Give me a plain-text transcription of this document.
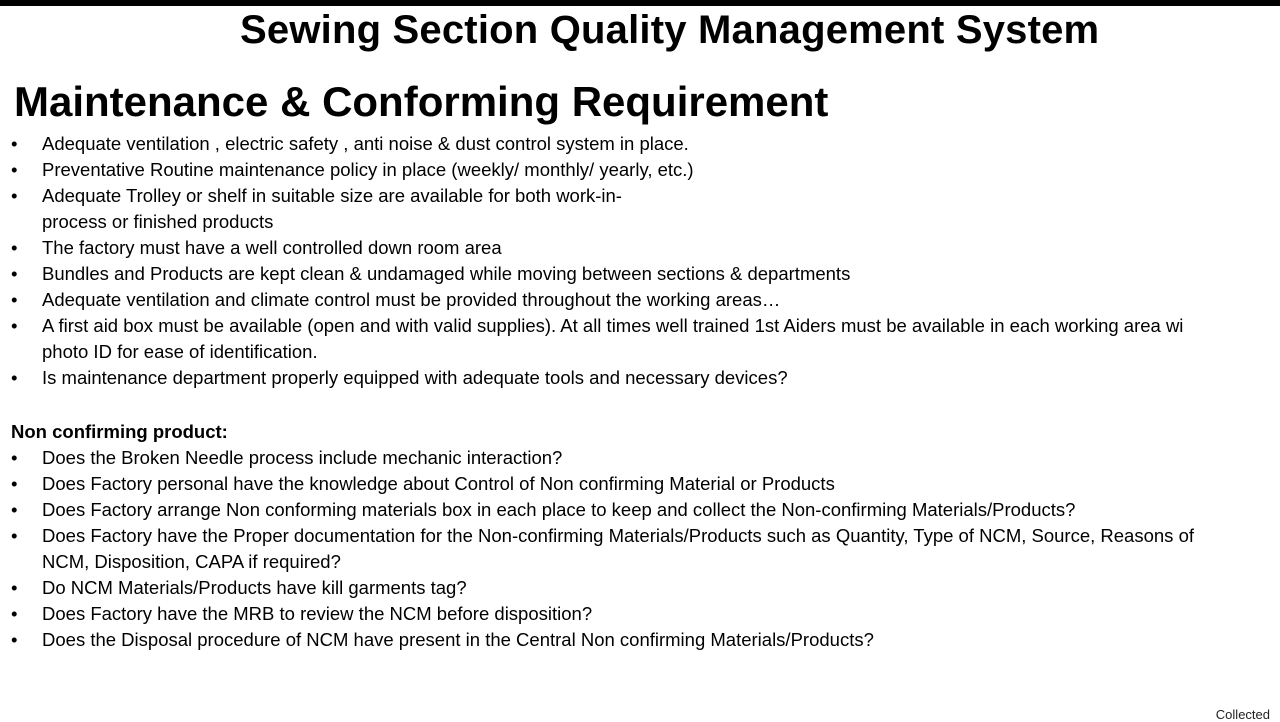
Sewing Section Quality Management System
Maintenance & Conforming Requirement
• Adequate ventilation , electric safety , anti noise & dust control system in place.
• Preventative Routine maintenance policy in place (weekly/ monthly/ yearly, etc.)
• Adequate Trolley or shelf in suitable size are available for both work-in-
process or finished products
• The factory must have a well controlled down room area
• Bundles and Products are kept clean & undamaged while moving between sections & departments
• Adequate ventilation and climate control must be provided throughout the working areas…
• A first aid box must be available (open and with valid supplies). At all times well trained 1st Aiders must be available in each working area wi
photo ID for ease of identification.
• Is maintenance department properly equipped with adequate tools and necessary devices?
Non confirming product:
• Does the Broken Needle process include mechanic interaction?
• Does Factory personal have the knowledge about Control of Non confirming Material or Products
• Does Factory arrange Non conforming materials box in each place to keep and collect the Non-confirming Materials/Products?
• Does Factory have the Proper documentation for the Non-confirming Materials/Products such as Quantity, Type of NCM, Source, Reasons of
NCM, Disposition, CAPA if required?
• Do NCM Materials/Products have kill garments tag?
• Does Factory have the MRB to review the NCM before disposition?
• Does the Disposal procedure of NCM have present in the Central Non confirming Materials/Products?
Collected
